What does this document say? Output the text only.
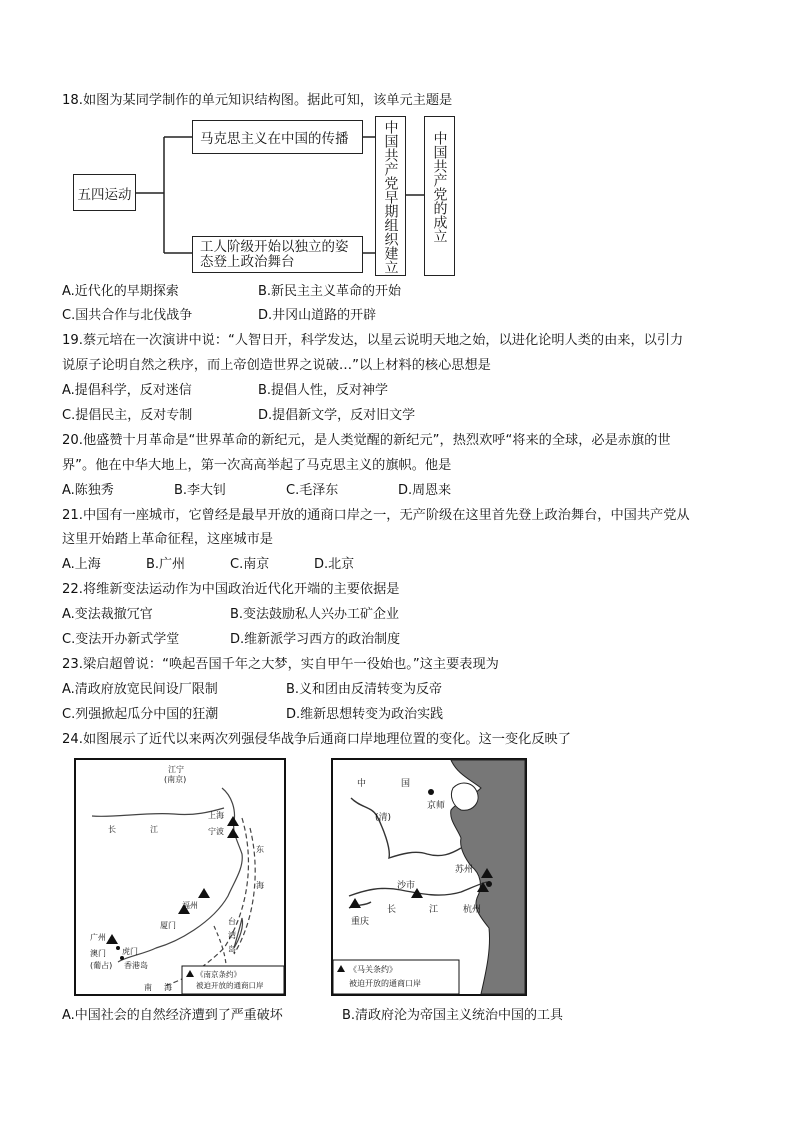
18.如图为某同学制作的单元知识结构图。据此可知，该单元主题是
五四运动
马克思主义在中国的传播
工人阶级开始以独立的姿
态登上政治舞台	中国共产党早期组织建立 中国共产党的成立
A.近代化的早期探索	B.新民主主义革命的开始
C.国共合作与北伐战争	D.井冈山道路的开辟
19.蔡元培在一次演讲中说：“人智日开，科学发达，以星云说明天地之始，以进化论明人类的由来，以引力
说原子论明自然之秩序，而上帝创造世界之说破…”以上材料的核心思想是
A.提倡科学，反对迷信	B.提倡人性，反对神学
C.提倡民主，反对专制	D.提倡新文学，反对旧文学
20.他盛赞十月革命是“世界革命的新纪元，是人类觉醒的新纪元”，热烈欢呼“将来的全球，必是赤旗的世
界”。他在中华大地上，第一次高高举起了马克思主义的旗帜。他是
A.陈独秀	B.李大钊	C.毛泽东	D.周恩来
21.中国有一座城市，它曾经是最早开放的通商口岸之一，无产阶级在这里首先登上政治舞台，中国共产党从
这里开始踏上革命征程，这座城市是
A.上海	B.广州	C.南京	D.北京
22.将维新变法运动作为中国政治近代化开端的主要依据是
A.变法裁撤冗官	B.变法鼓励私人兴办工矿企业
C.变法开办新式学堂	D.维新派学习西方的政治制度
23.梁启超曾说：“唤起吾国千年之大梦，实自甲午一役始也。”这主要表现为
A.清政府放宽民间设厂限制	B.义和团由反清转变为反帝
C.列强掀起瓜分中国的狂潮	D.维新思想转变为政治实践
24.如图展示了近代以来两次列强侵华战争后通商口岸地理位置的变化。这一变化反映了
江宁
(南京)
上海
宁波
长	江
东
海
福州
厦门
广州
虎门
澳门
(葡占) 香港岛
台
湾
岛
南 海
《南京条约》
被迫开放的通商口岸
中	国
(清)
京师
苏州
沙市
长	江	杭州
重庆
《马关条约》
被迫开放的通商口岸
A.中国社会的自然经济遭到了严重破坏	B.清政府沦为帝国主义统治中国的工具
